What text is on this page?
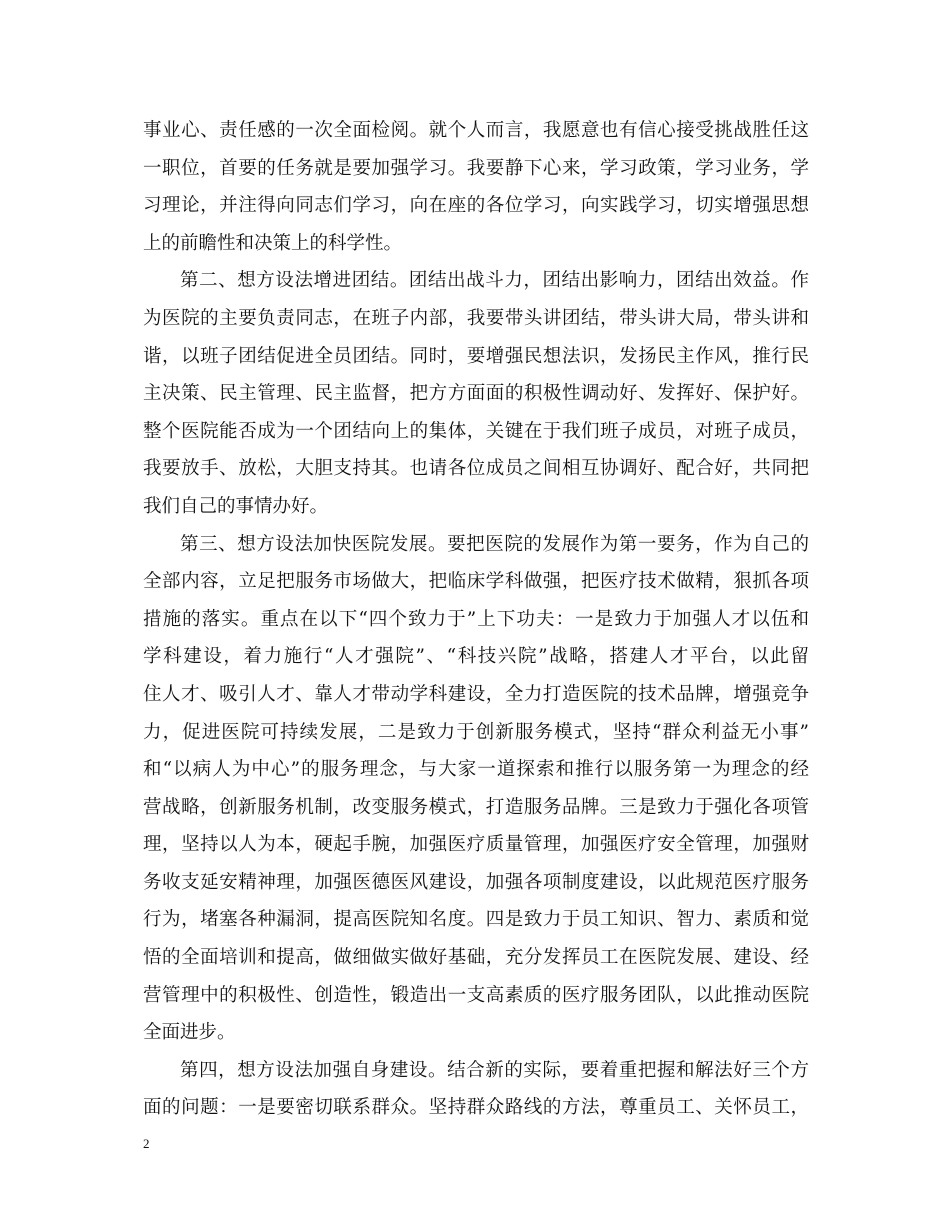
事业心、责任感的一次全面检阅。就个人而言，我愿意也有信心接受挑战胜任这
一职位，首要的任务就是要加强学习。我要静下心来，学习政策，学习业务，学
习理论，并注得向同志们学习，向在座的各位学习，向实践学习，切实增强思想
上的前瞻性和决策上的科学性。
第二、想方设法增进团结。团结出战斗力，团结出影响力，团结出效益。作
为医院的主要负责同志，在班子内部，我要带头讲团结，带头讲大局，带头讲和
谐，以班子团结促进全员团结。同时，要增强民想法识，发扬民主作风，推行民
主决策、民主管理、民主监督，把方方面面的积极性调动好、发挥好、保护好。
整个医院能否成为一个团结向上的集体，关键在于我们班子成员，对班子成员，
我要放手、放松，大胆支持其。也请各位成员之间相互协调好、配合好，共同把
我们自己的事情办好。
第三、想方设法加快医院发展。要把医院的发展作为第一要务，作为自己的
全部内容，立足把服务市场做大，把临床学科做强，把医疗技术做精，狠抓各项
措施的落实。重点在以下“四个致力于”上下功夫：一是致力于加强人才以伍和
学科建设，着力施行“人才强院”、“科技兴院”战略，搭建人才平台，以此留
住人才、吸引人才、靠人才带动学科建设，全力打造医院的技术品牌，增强竞争
力，促进医院可持续发展，二是致力于创新服务模式，坚持“群众利益无小事”
和“以病人为中心”的服务理念，与大家一道探索和推行以服务第一为理念的经
营战略，创新服务机制，改变服务模式，打造服务品牌。三是致力于强化各项管
理，坚持以人为本，硬起手腕，加强医疗质量管理，加强医疗安全管理，加强财
务收支延安精神理，加强医德医风建设，加强各项制度建设，以此规范医疗服务
行为，堵塞各种漏洞，提高医院知名度。四是致力于员工知识、智力、素质和觉
悟的全面培训和提高，做细做实做好基础，充分发挥员工在医院发展、建设、经
营管理中的积极性、创造性，锻造出一支高素质的医疗服务团队，以此推动医院
全面进步。
第四，想方设法加强自身建设。结合新的实际，要着重把握和解法好三个方
面的问题：一是要密切联系群众。坚持群众路线的方法，尊重员工、关怀员工，
2
